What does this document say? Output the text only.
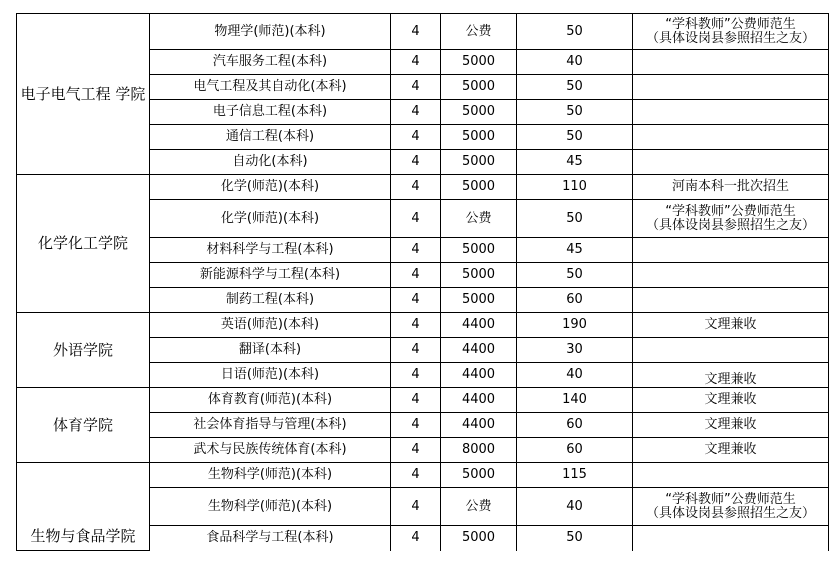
电子电气工程 学院	物理学(师范)(本科)	4	公费	50	“学科教师”公费师范生
（具体设岗县参照招生之友）
	汽车服务工程(本科)	4	5000	40	
	电气工程及其自动化(本科)	4	5000	50	
	电子信息工程(本科)	4	5000	50	
	通信工程(本科)	4	5000	50	
	自动化(本科)	4	5000	45	
化学化工学院	化学(师范)(本科)	4	5000	110	河南本科一批次招生
	化学(师范)(本科)	4	公费	50	“学科教师”公费师范生
（具体设岗县参照招生之友）
	材料科学与工程(本科)	4	5000	45	
	新能源科学与工程(本科)	4	5000	50	
	制药工程(本科)	4	5000	60	
外语学院	英语(师范)(本科)	4	4400	190	文理兼收
	翻译(本科)	4	4400	30	
	日语(师范)(本科)	4	4400	40	文理兼收
体育学院	体育教育(师范)(本科)	4	4400	140	文理兼收
	社会体育指导与管理(本科)	4	4400	60	文理兼收
	武术与民族传统体育(本科)	4	8000	60	文理兼收
生物与食品学院	生物科学(师范)(本科)	4	5000	115	
	生物科学(师范)(本科)	4	公费	40	“学科教师”公费师范生
（具体设岗县参照招生之友）
	食品科学与工程(本科)	4	5000	50	
